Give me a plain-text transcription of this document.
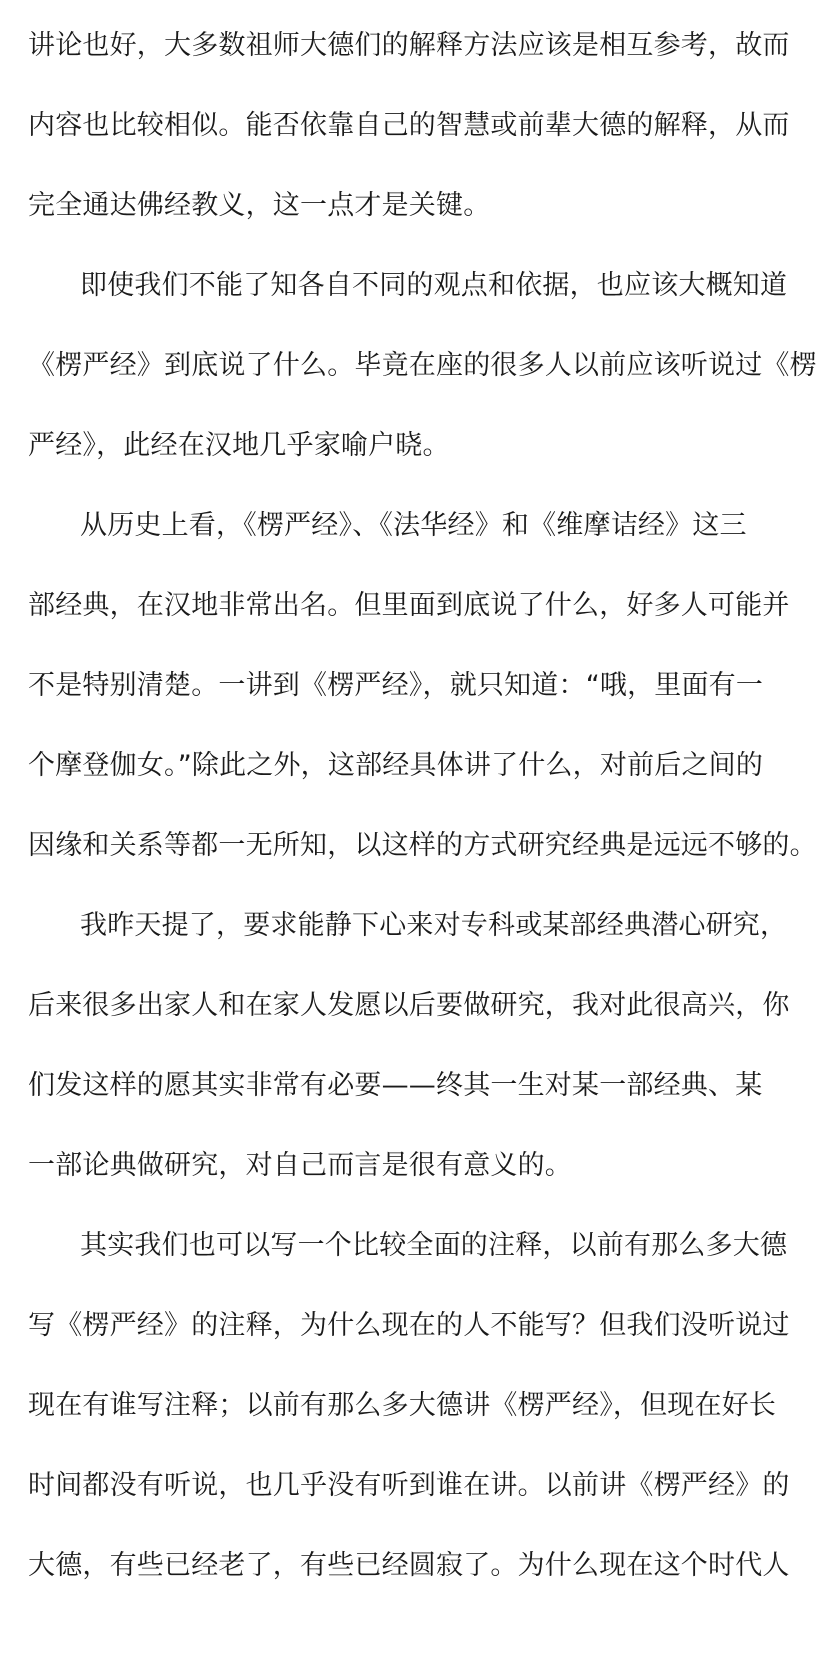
讲论也好，大多数祖师大德们的解释方法应该是相互参考，故而
内容也比较相似。能否依靠自己的智慧或前辈大德的解释，从而
完全通达佛经教义，这一点才是关键。
即使我们不能了知各自不同的观点和依据，也应该大概知道
《楞严经》到底说了什么。毕竟在座的很多人以前应该听说过《楞
严经》，此经在汉地几乎家喻户晓。
从历史上看，《楞严经》、《法华经》和《维摩诘经》这三
部经典，在汉地非常出名。但里面到底说了什么，好多人可能并
不是特别清楚。一讲到《楞严经》，就只知道：“哦，里面有一
个摩登伽女。”除此之外，这部经具体讲了什么，对前后之间的
因缘和关系等都一无所知，以这样的方式研究经典是远远不够的。
我昨天提了，要求能静下心来对专科或某部经典潜心研究，
后来很多出家人和在家人发愿以后要做研究，我对此很高兴，你
们发这样的愿其实非常有必要——终其一生对某一部经典、某
一部论典做研究，对自己而言是很有意义的。
其实我们也可以写一个比较全面的注释，以前有那么多大德
写《楞严经》的注释，为什么现在的人不能写？但我们没听说过
现在有谁写注释；以前有那么多大德讲《楞严经》，但现在好长
时间都没有听说，也几乎没有听到谁在讲。以前讲《楞严经》的
大德，有些已经老了，有些已经圆寂了。为什么现在这个时代人
